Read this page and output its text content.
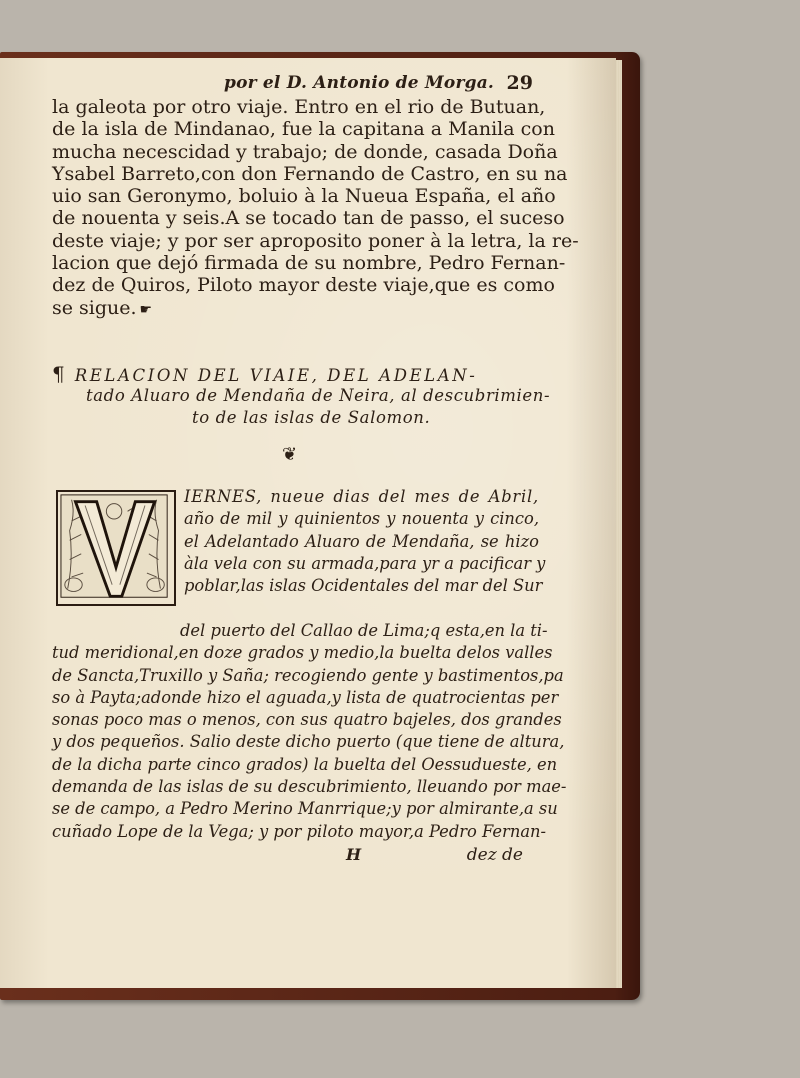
por el D. Antonio de Morga. 29
la galeota por otro viaje. Entro en el rio de Butuan,
de la isla de Mindanao, fue la capitana a Manila con
mucha necescidad y trabajo; de donde, casada Doña
Ysabel Barreto,con don Fernando de Castro, en su na
uio san Geronymo, boluio à la Nueua España, el año
de nouenta y seis.A se tocado tan de passo, el suceso
deste viaje; y por ser aproposito poner à la letra, la re-
lacion que dejó firmada de su nombre, Pedro Fernan-
dez de Quiros, Piloto mayor deste viaje,que es como
se sigue. ☛
¶ RELACION DEL VIAIE, DEL ADELAN-
tado Aluaro de Mendaña de Neira, al descubrimien-
to de las islas de Salomon.
❦
IERNES, nueue dias del mes de Abril,
año de mil y quinientos y nouenta y cinco,
el Adelantado Aluaro de Mendaña, se hizo
àla vela con su armada,para yr a pacificar y
poblar,las islas Ocidentales del mar del Sur
del puerto del Callao de Lima;q esta,en la ti-
tud meridional,en doze grados y medio,la buelta delos valles
de Sancta,Truxillo y Saña; recogiendo gente y bastimentos,pa
so à Payta;adonde hizo el aguada,y lista de quatrocientas per
sonas poco mas o menos, con sus quatro bajeles, dos grandes
y dos pequeños. Salio deste dicho puerto (que tiene de altura,
de la dicha parte cinco grados) la buelta del Oessudueste, en
demanda de las islas de su descubrimiento, lleuando por mae-
se de campo, a Pedro Merino Manrrique;y por almirante,a su
cuñado Lope de la Vega; y por piloto mayor,a Pedro Fernan-
H	dez de
